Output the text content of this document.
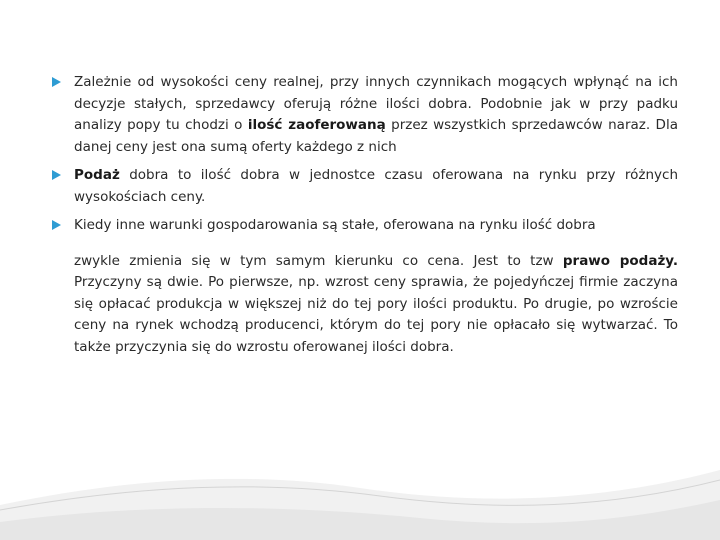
Zależnie od wysokości ceny realnej, przy innych czynnikach mogących wpłynąć na ich decyzje stałych, sprzedawcy oferują różne ilości dobra. Podobnie jak w przy padku analizy popy tu chodzi o ilość zaoferowaną przez wszystkich sprzedawców naraz. Dla danej ceny jest ona sumą oferty każdego z nich

Podaż dobra to ilość dobra w jednostce czasu oferowana na rynku przy różnych wysokościach ceny.

Kiedy inne warunki gospodarowania są stałe, oferowana na rynku ilość dobra

zwykle zmienia się w tym samym kierunku co cena. Jest to tzw prawo podaży. Przyczyny są dwie. Po pierwsze, np. wzrost ceny sprawia, że pojedyńczej firmie zaczyna się opłacać produkcja w większej niż do tej pory ilości produktu. Po drugie, po wzroście ceny na rynek wchodzą producenci, którym do tej pory nie opłacało się wytwarzać. To także przyczynia się do wzrostu oferowanej ilości dobra.
